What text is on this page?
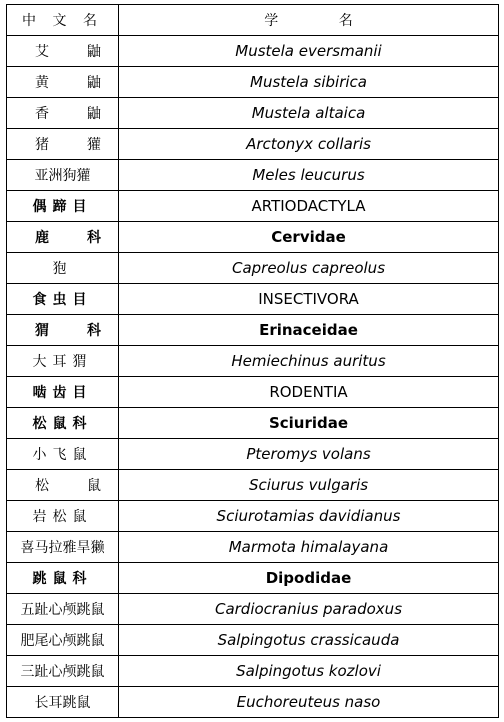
中 文 名	学 名
艾 鼬	Mustela eversmanii
黄 鼬	Mustela sibirica
香 鼬	Mustela altaica
猪 獾	Arctonyx collaris
亚洲狗獾	Meles leucurus
偶蹄目	ARTIODACTYLA
鹿 科	Cervidae
狍	Capreolus capreolus
食虫目	INSECTIVORA
猬 科	Erinaceidae
大耳猬	Hemiechinus auritus
啮齿目	RODENTIA
松鼠科	Sciuridae
小飞鼠	Pteromys volans
松 鼠	Sciurus vulgaris
岩松鼠	Sciurotamias davidianus
喜马拉雅旱獭	Marmota himalayana
跳鼠科	Dipodidae
五趾心颅跳鼠	Cardiocranius paradoxus
肥尾心颅跳鼠	Salpingotus crassicauda
三趾心颅跳鼠	Salpingotus kozlovi
长耳跳鼠	Euchoreuteus naso
